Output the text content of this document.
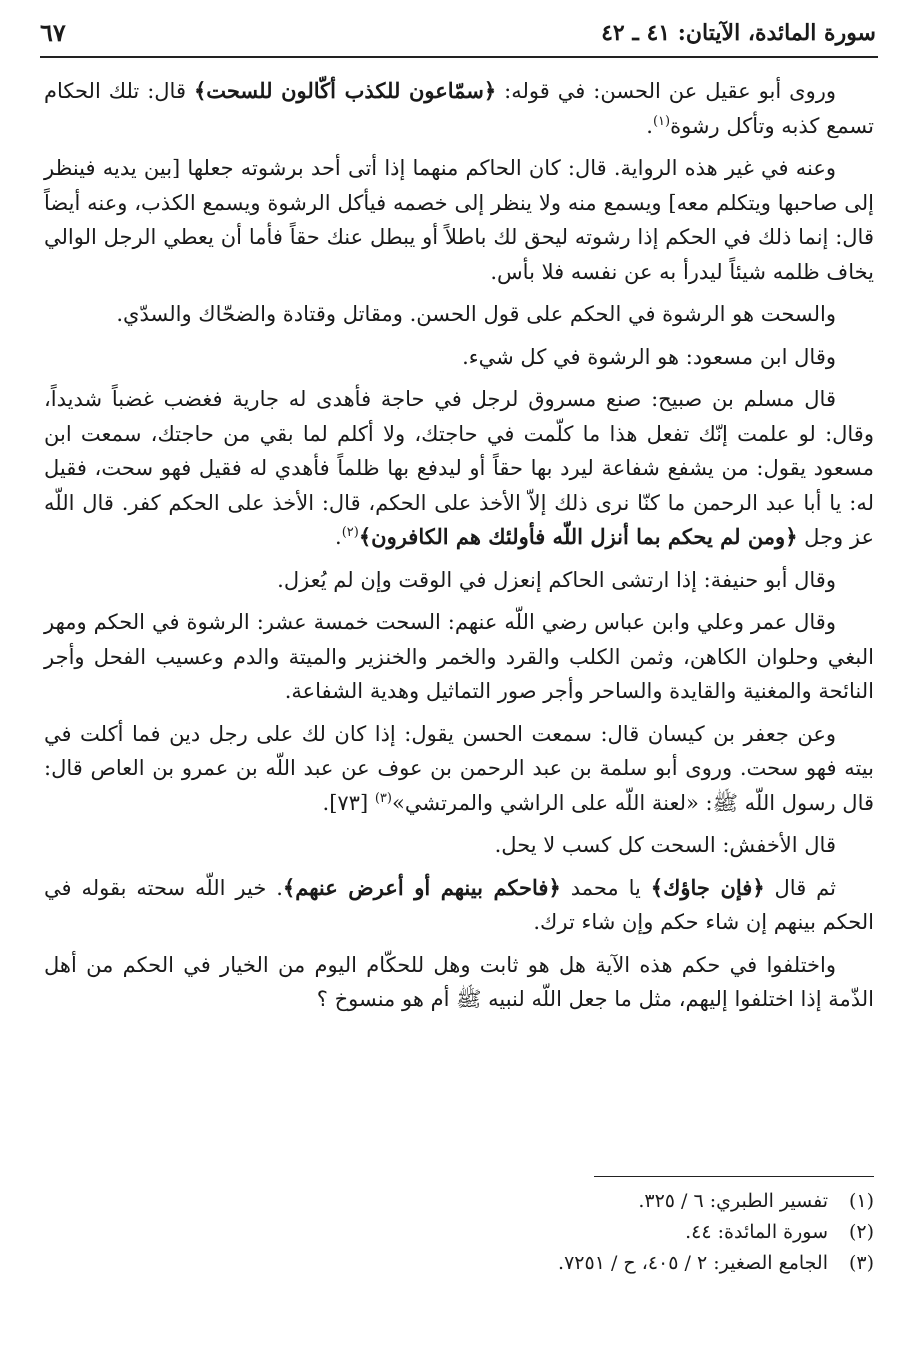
سورة المائدة، الآيتان: ٤١ ـ ٤٢
٦٧

وروى أبو عقيل عن الحسن: في قوله: ﴿سمّاعون للكذب أكّالون للسحت﴾ قال: تلك الحكام تسمع كذبه وتأكل رشوة$^{(١)}$.

وعنه في غير هذه الرواية. قال: كان الحاكم منهما إذا أتى أحد برشوته جعلها [بين يديه فينظر إلى صاحبها ويتكلم معه] ويسمع منه ولا ينظر إلى خصمه فيأكل الرشوة ويسمع الكذب، وعنه أيضاً قال: إنما ذلك في الحكم إذا رشوته ليحق لك باطلاً أو يبطل عنك حقاً فأما أن يعطي الرجل الوالي يخاف ظلمه شيئاً ليدرأ به عن نفسه فلا بأس.

والسحت هو الرشوة في الحكم على قول الحسن. ومقاتل وقتادة والضحّاك والسدّي.

وقال ابن مسعود: هو الرشوة في كل شيء.

قال مسلم بن صبيح: صنع مسروق لرجل في حاجة فأهدى له جارية فغضب غضباً شديداً، وقال: لو علمت إنّك تفعل هذا ما كلّمت في حاجتك، ولا أكلم لما بقي من حاجتك، سمعت ابن مسعود يقول: من يشفع شفاعة ليرد بها حقاً أو ليدفع بها ظلماً فأهدي له فقيل فهو سحت، فقيل له: يا أبا عبد الرحمن ما كنّا نرى ذلك إلاّ الأخذ على الحكم، قال: الأخذ على الحكم كفر. قال اللّه عز وجل ﴿ومن لم يحكم بما أنزل اللّه فأولئك هم الكافرون﴾$^{(٢)}$.

وقال أبو حنيفة: إذا ارتشى الحاكم إنعزل في الوقت وإن لم يُعزل.

وقال عمر وعلي وابن عباس رضي اللّه عنهم: السحت خمسة عشر: الرشوة في الحكم ومهر البغي وحلوان الكاهن، وثمن الكلب والقرد والخمر والخنزير والميتة والدم وعسيب الفحل وأجر النائحة والمغنية والقايدة والساحر وأجر صور التماثيل وهدية الشفاعة.

وعن جعفر بن كيسان قال: سمعت الحسن يقول: إذا كان لك على رجل دين فما أكلت في بيته فهو سحت. وروى أبو سلمة بن عبد الرحمن بن عوف عن عبد اللّه بن عمرو بن العاص قال: قال رسول اللّه ﷺ: «لعنة اللّه على الراشي والمرتشي»$^{(٣)}$ [٧٣].

قال الأخفش: السحت كل كسب لا يحل.

ثم قال ﴿فإن جاؤك﴾ يا محمد ﴿فاحكم بينهم أو أعرض عنهم﴾. خير اللّه سحته بقوله في الحكم بينهم إن شاء حكم وإن شاء ترك.

واختلفوا في حكم هذه الآية هل هو ثابت وهل للحكّام اليوم من الخيار في الحكم من أهل الذّمة إذا اختلفوا إليهم، مثل ما جعل اللّه لنبيه ﷺ أم هو منسوخ ؟

(١)تفسير الطبري: ٦ / ٣٢٥.
(٢)سورة المائدة: ٤٤.
(٣)الجامع الصغير: ٢ / ٤٠٥، ح / ٧٢٥١.
